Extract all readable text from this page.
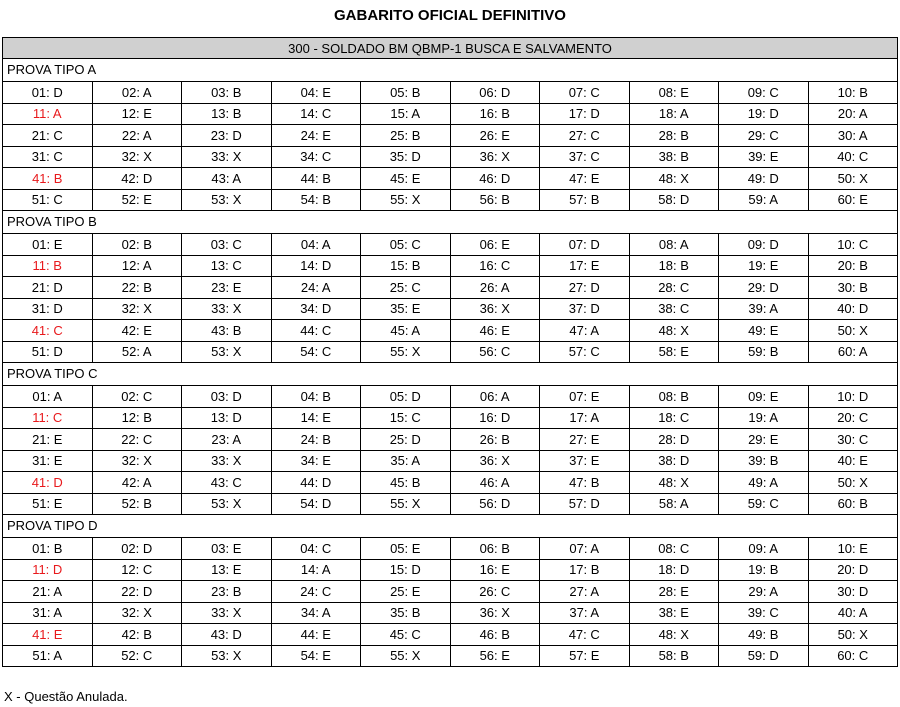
GABARITO OFICIAL DEFINITIVO
300 - SOLDADO BM QBMP-1 BUSCA E SALVAMENTO
PROVA TIPO A
01: D	02: A	03: B	04: E	05: B	06: D	07: C	08: E	09: C	10: B
11: A	12: E	13: B	14: C	15: A	16: B	17: D	18: A	19: D	20: A
21: C	22: A	23: D	24: E	25: B	26: E	27: C	28: B	29: C	30: A
31: C	32: X	33: X	34: C	35: D	36: X	37: C	38: B	39: E	40: C
41: B	42: D	43: A	44: B	45: E	46: D	47: E	48: X	49: D	50: X
51: C	52: E	53: X	54: B	55: X	56: B	57: B	58: D	59: A	60: E
PROVA TIPO B
01: E	02: B	03: C	04: A	05: C	06: E	07: D	08: A	09: D	10: C
11: B	12: A	13: C	14: D	15: B	16: C	17: E	18: B	19: E	20: B
21: D	22: B	23: E	24: A	25: C	26: A	27: D	28: C	29: D	30: B
31: D	32: X	33: X	34: D	35: E	36: X	37: D	38: C	39: A	40: D
41: C	42: E	43: B	44: C	45: A	46: E	47: A	48: X	49: E	50: X
51: D	52: A	53: X	54: C	55: X	56: C	57: C	58: E	59: B	60: A
PROVA TIPO C
01: A	02: C	03: D	04: B	05: D	06: A	07: E	08: B	09: E	10: D
11: C	12: B	13: D	14: E	15: C	16: D	17: A	18: C	19: A	20: C
21: E	22: C	23: A	24: B	25: D	26: B	27: E	28: D	29: E	30: C
31: E	32: X	33: X	34: E	35: A	36: X	37: E	38: D	39: B	40: E
41: D	42: A	43: C	44: D	45: B	46: A	47: B	48: X	49: A	50: X
51: E	52: B	53: X	54: D	55: X	56: D	57: D	58: A	59: C	60: B
PROVA TIPO D
01: B	02: D	03: E	04: C	05: E	06: B	07: A	08: C	09: A	10: E
11: D	12: C	13: E	14: A	15: D	16: E	17: B	18: D	19: B	20: D
21: A	22: D	23: B	24: C	25: E	26: C	27: A	28: E	29: A	30: D
31: A	32: X	33: X	34: A	35: B	36: X	37: A	38: E	39: C	40: A
41: E	42: B	43: D	44: E	45: C	46: B	47: C	48: X	49: B	50: X
51: A	52: C	53: X	54: E	55: X	56: E	57: E	58: B	59: D	60: C
X - Questão Anulada.
